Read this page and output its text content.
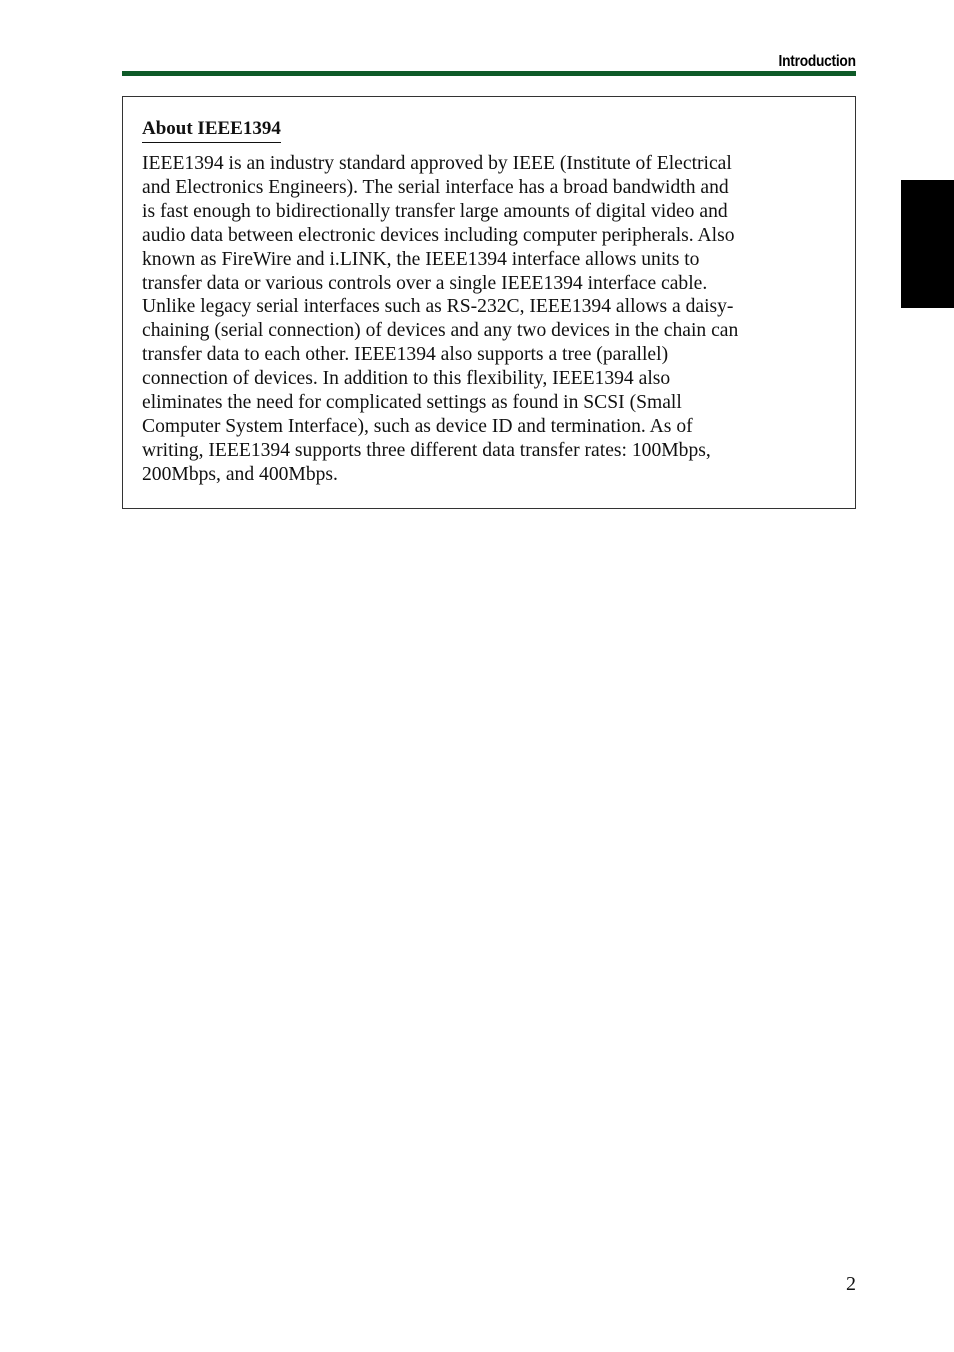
Introduction
About IEEE1394

IEEE1394 is an industry standard approved by IEEE (Institute of Electrical
and Electronics Engineers). The serial interface has a broad bandwidth and
is fast enough to bidirectionally transfer large amounts of digital video and
audio data between electronic devices including computer peripherals. Also
known as FireWire and i.LINK, the IEEE1394 interface allows units to
transfer data or various controls over a single IEEE1394 interface cable.
Unlike legacy serial interfaces such as RS-232C, IEEE1394 allows a daisy-
chaining (serial connection) of devices and any two devices in the chain can
transfer data to each other. IEEE1394 also supports a tree (parallel)
connection of devices. In addition to this flexibility, IEEE1394 also
eliminates the need for complicated settings as found in SCSI (Small
Computer System Interface), such as device ID and termination. As of
writing, IEEE1394 supports three different data transfer rates: 100Mbps,
200Mbps, and 400Mbps.

2
